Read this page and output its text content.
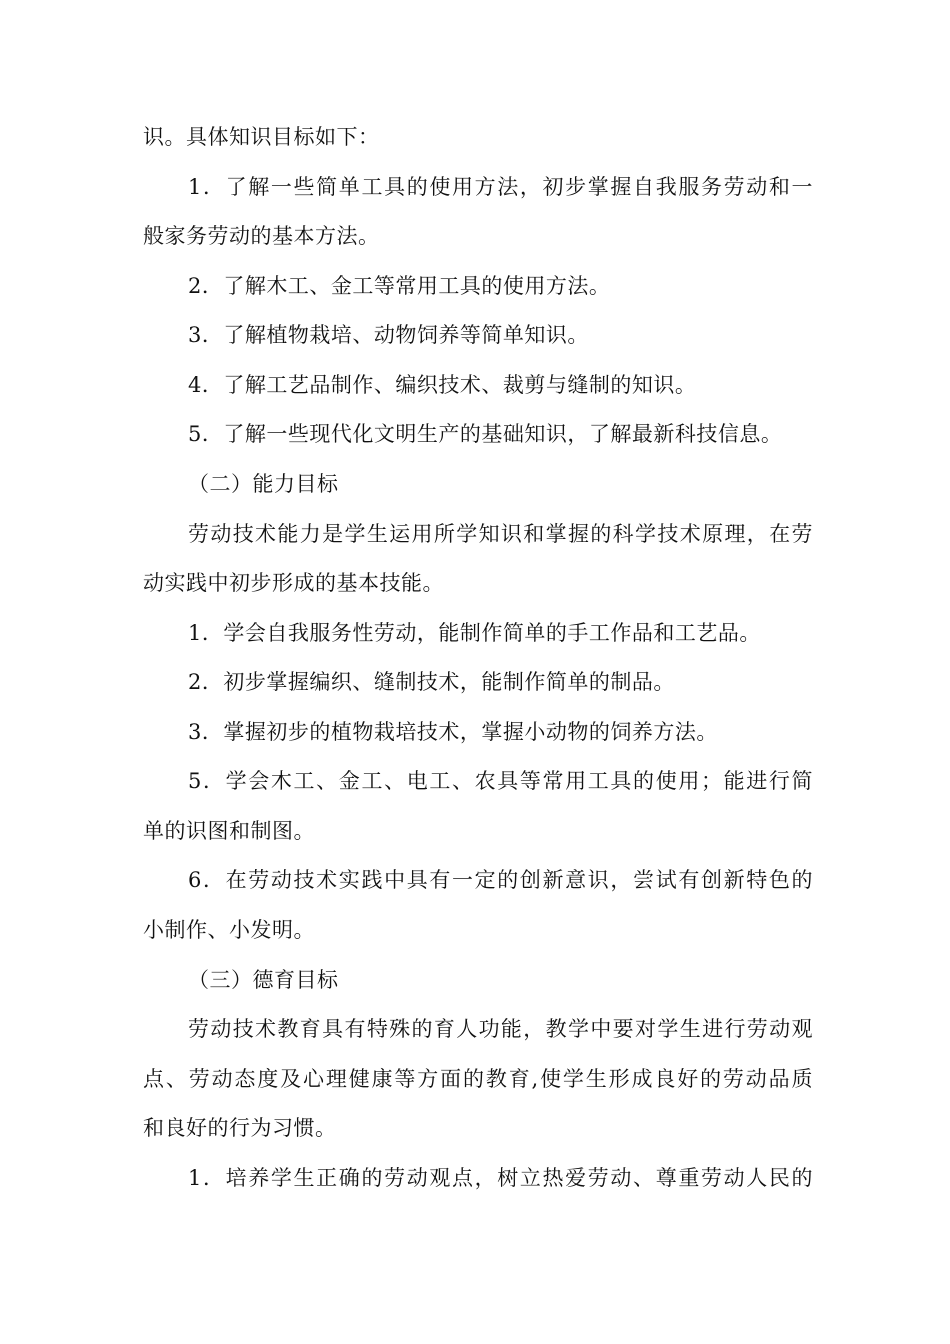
识。具体知识目标如下：
1．了解一些简单工具的使用方法，初步掌握自我服务劳动和一
般家务劳动的基本方法。
2．了解木工、金工等常用工具的使用方法。
3．了解植物栽培、动物饲养等简单知识。
4．了解工艺品制作、编织技术、裁剪与缝制的知识。
5．了解一些现代化文明生产的基础知识，了解最新科技信息。
（二）能力目标
劳动技术能力是学生运用所学知识和掌握的科学技术原理，在劳
动实践中初步形成的基本技能。
1．学会自我服务性劳动，能制作简单的手工作品和工艺品。
2．初步掌握编织、缝制技术，能制作简单的制品。
3．掌握初步的植物栽培技术，掌握小动物的饲养方法。
5．学会木工、金工、电工、农具等常用工具的使用；能进行简
单的识图和制图。
6．在劳动技术实践中具有一定的创新意识，尝试有创新特色的
小制作、小发明。
（三）德育目标
劳动技术教育具有特殊的育人功能，教学中要对学生进行劳动观
点、劳动态度及心理健康等方面的教育,使学生形成良好的劳动品质
和良好的行为习惯。
1．培养学生正确的劳动观点，树立热爱劳动、尊重劳动人民的
